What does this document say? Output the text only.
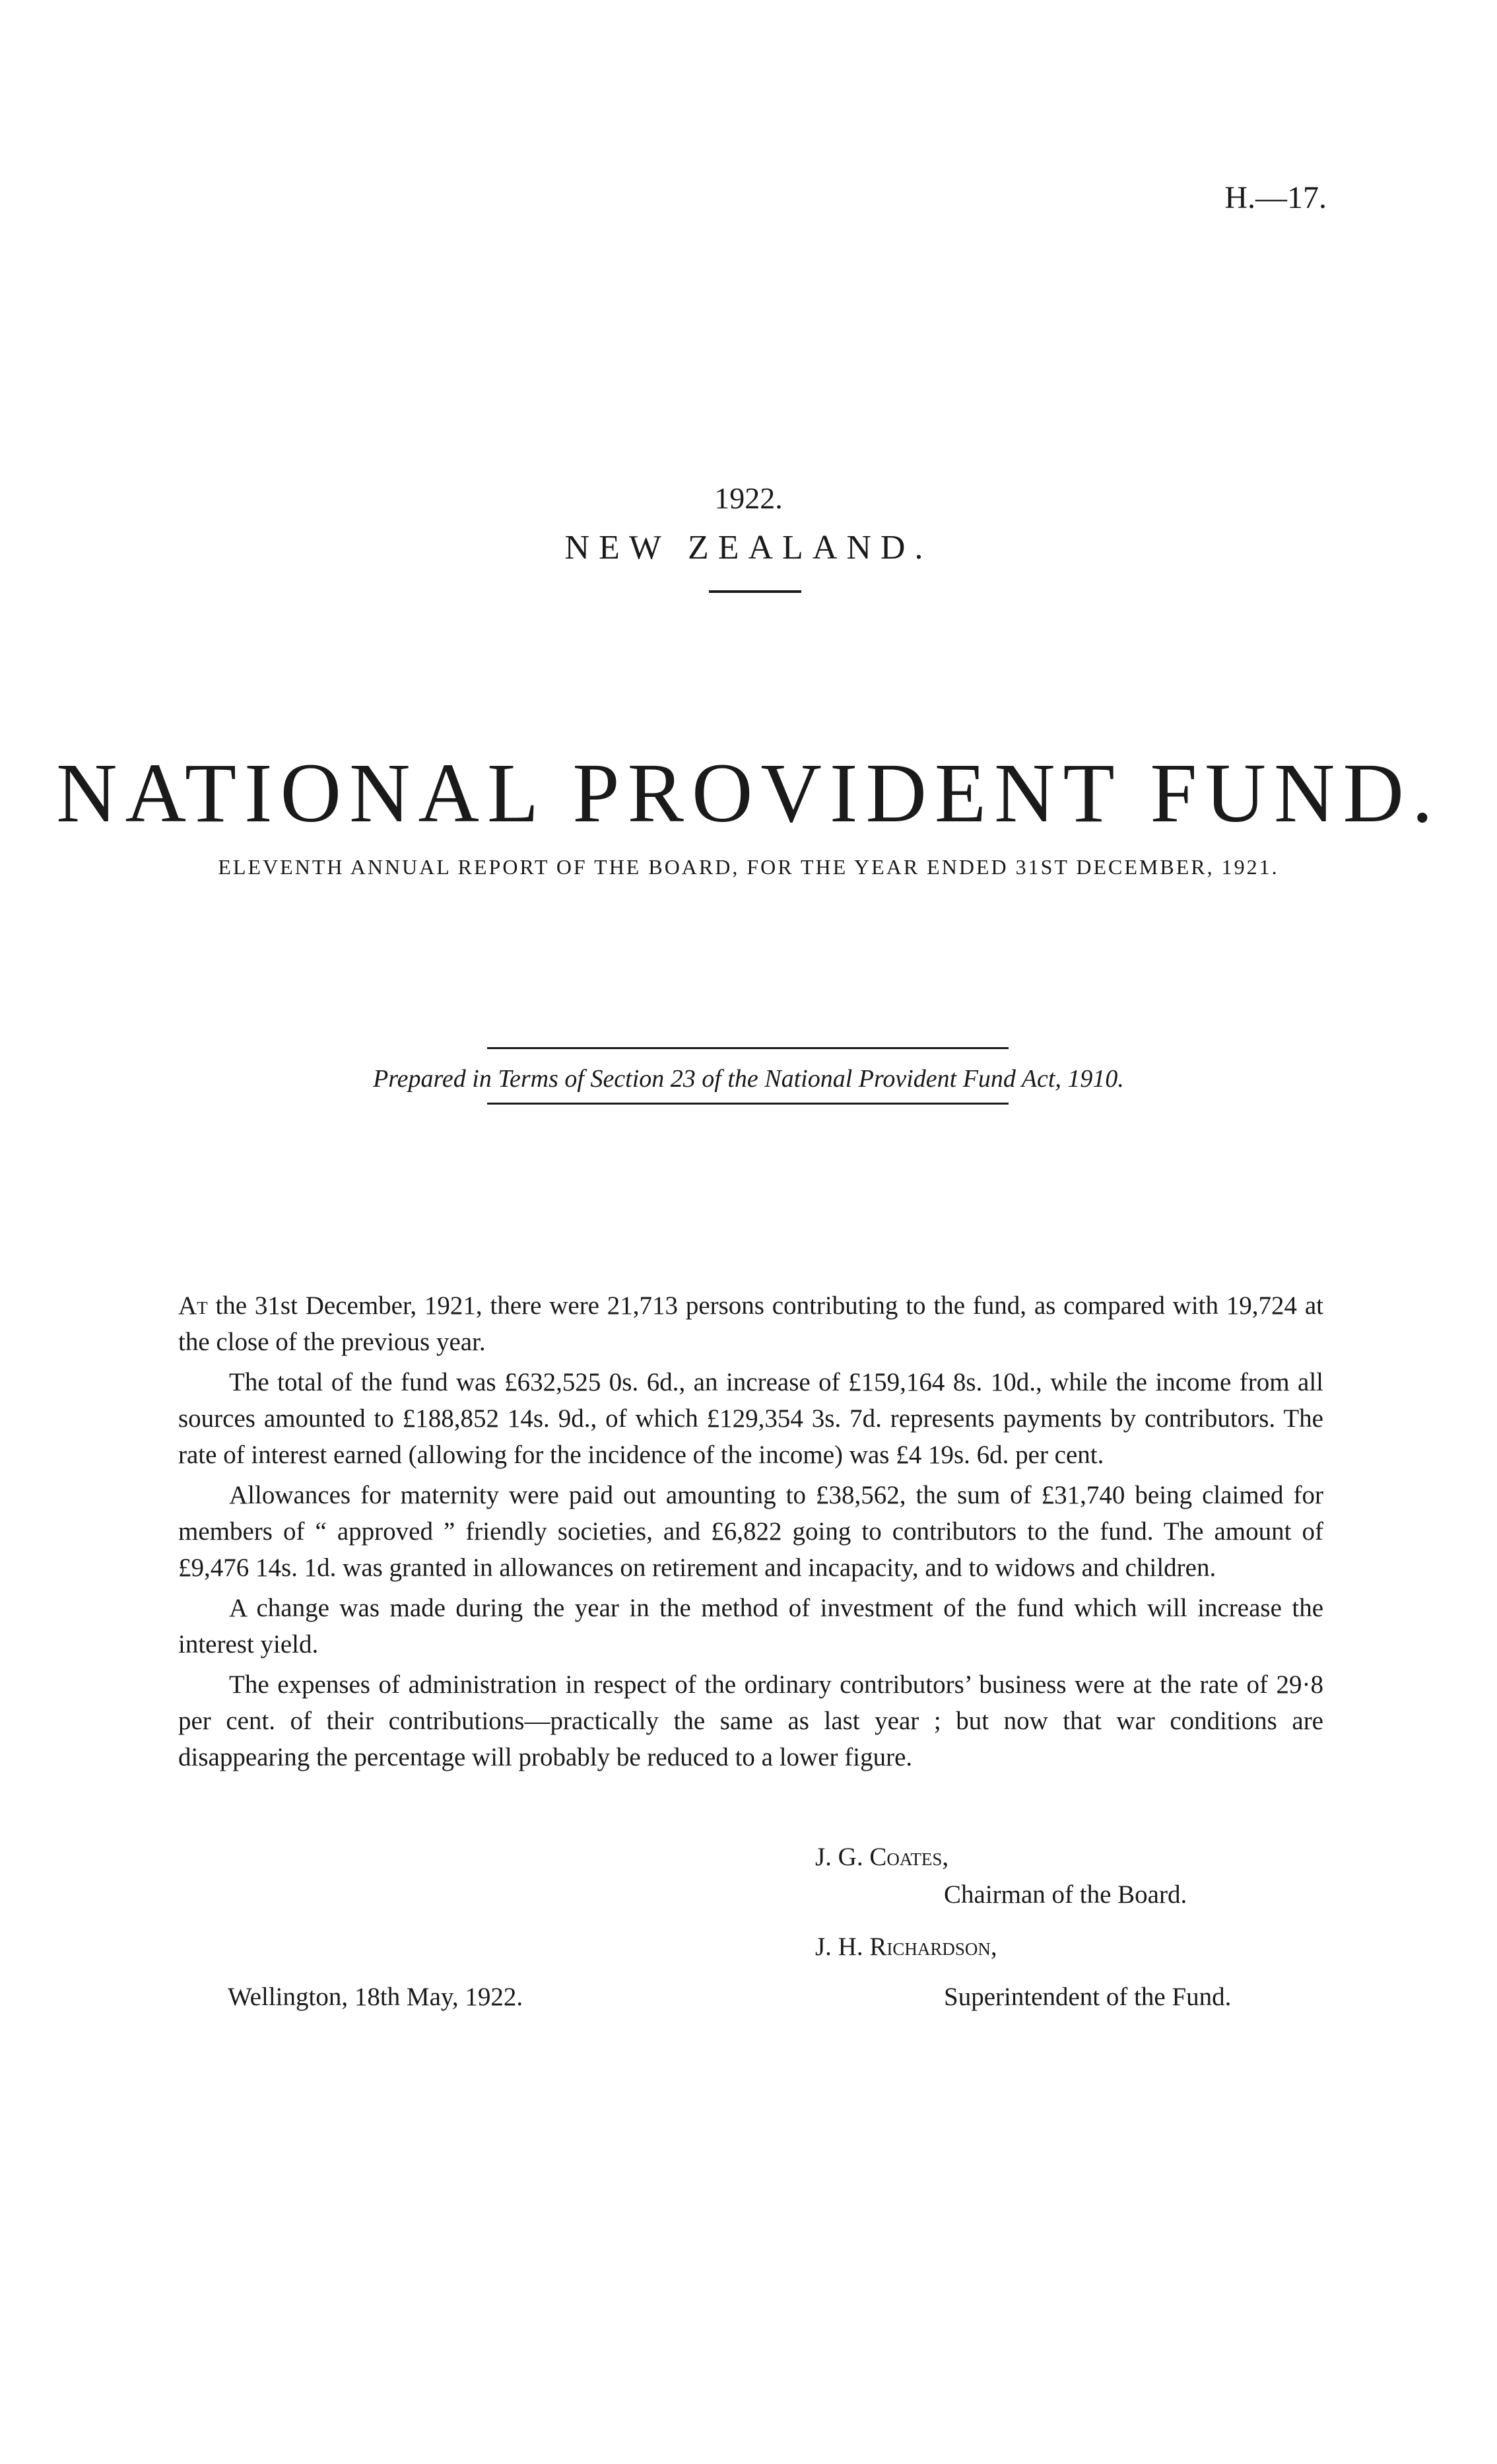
H.—17.
1922.
NEW ZEALAND.
NATIONAL PROVIDENT FUND.
ELEVENTH ANNUAL REPORT OF THE BOARD, FOR THE YEAR ENDED 31ST DECEMBER, 1921.
Prepared in Terms of Section 23 of the National Provident Fund Act, 1910.

At the 31st December, 1921, there were 21,713 persons contributing to the fund, as compared with 19,724 at the close of the previous year.

The total of the fund was £632,525 0s. 6d., an increase of £159,164 8s. 10d., while the income from all sources amounted to £188,852 14s. 9d., of which £129,354 3s. 7d. represents payments by contributors. The rate of interest earned (allowing for the incidence of the income) was £4 19s. 6d. per cent.

Allowances for maternity were paid out amounting to £38,562, the sum of £31,740 being claimed for members of “ approved ” friendly societies, and £6,822 going to contributors to the fund. The amount of £9,476 14s. 1d. was granted in allowances on retirement and incapacity, and to widows and children.

A change was made during the year in the method of investment of the fund which will increase the interest yield.

The expenses of administration in respect of the ordinary contributors’ business were at the rate of 29·8 per cent. of their contributions—practically the same as last year ; but now that war conditions are disappearing the percentage will probably be reduced to a lower figure.

J. G. Coates,
Chairman of the Board.
J. H. Richardson,
Superintendent of the Fund.
Wellington, 18th May, 1922.
